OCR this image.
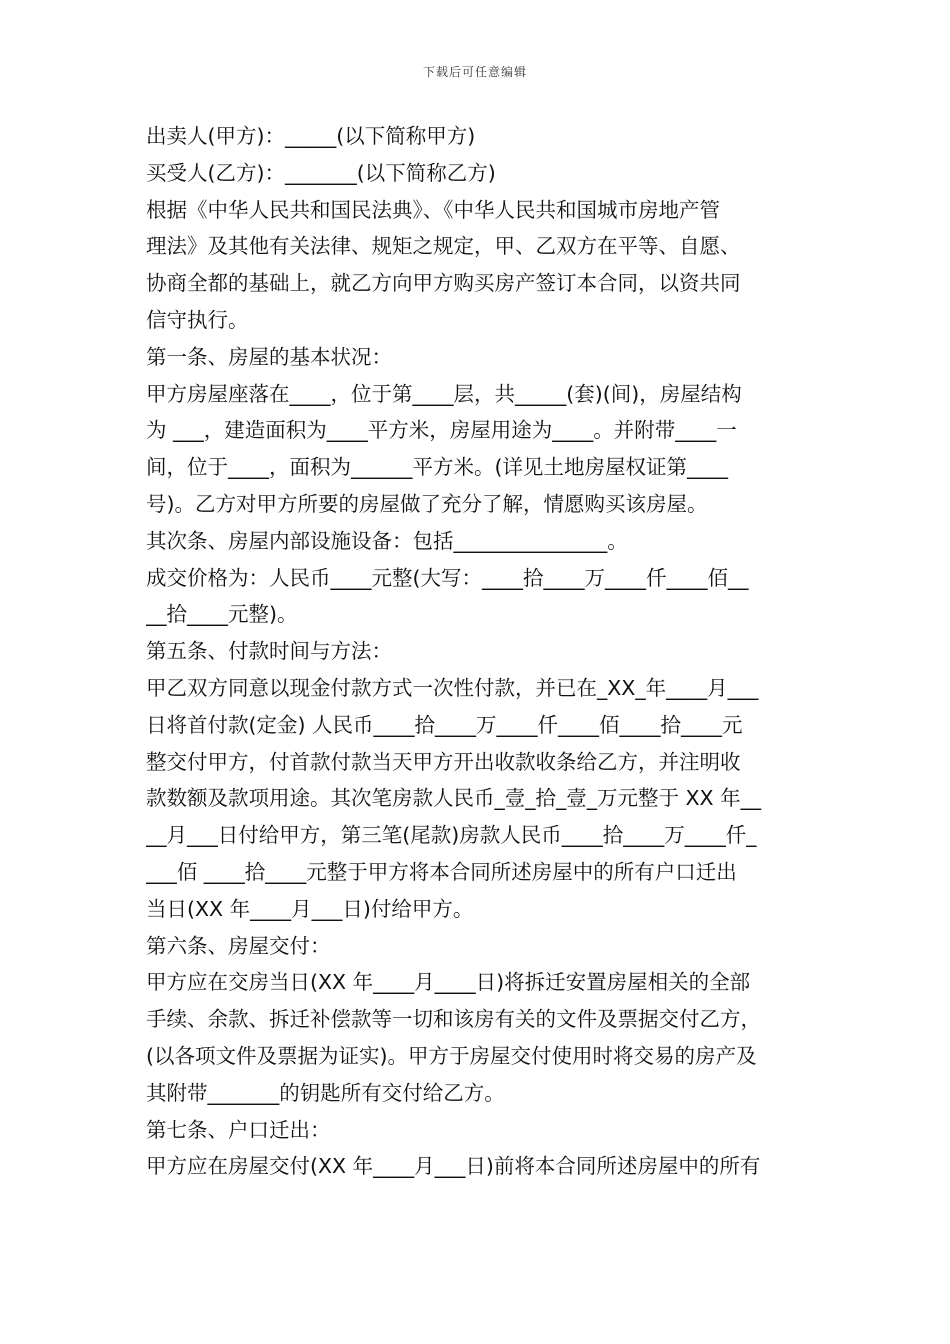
下载后可任意编辑
出卖人(甲方)：_____(以下简称甲方)
买受人(乙方)：_______(以下简称乙方)
根据《中华人民共和国民法典》、《中华人民共和国城市房地产管
理法》及其他有关法律、规矩之规定，甲、乙双方在平等、自愿、
协商全都的基础上，就乙方向甲方购买房产签订本合同，以资共同
信守执行。
第一条、房屋的基本状况：
甲方房屋座落在____，位于第____层，共_____(套)(间)，房屋结构
为 ___，建造面积为____平方米，房屋用途为____。并附带____一
间，位于____，面积为______平方米。(详见土地房屋权证第____
号)。乙方对甲方所要的房屋做了充分了解，情愿购买该房屋。
其次条、房屋内部设施设备：包括_______________。
成交价格为：人民币____元整(大写：____拾____万____仟____佰__
__拾____元整)。
第五条、付款时间与方法：
甲乙双方同意以现金付款方式一次性付款，并已在_XX_年____月___
日将首付款(定金) 人民币____拾____万____仟____佰____拾____元
整交付甲方，付首款付款当天甲方开出收款收条给乙方，并注明收
款数额及款项用途。其次笔房款人民币_壹_拾_壹_万元整于 XX 年__
__月___日付给甲方，第三笔(尾款)房款人民币____拾____万____仟_
___佰 ____拾____元整于甲方将本合同所述房屋中的所有户口迁出
当日(XX 年____月___日)付给甲方。
第六条、房屋交付：
甲方应在交房当日(XX 年____月____日)将拆迁安置房屋相关的全部
手续、余款、拆迁补偿款等一切和该房有关的文件及票据交付乙方，
(以各项文件及票据为证实)。甲方于房屋交付使用时将交易的房产及
其附带_______的钥匙所有交付给乙方。
第七条、户口迁出：
甲方应在房屋交付(XX 年____月___日)前将本合同所述房屋中的所有
